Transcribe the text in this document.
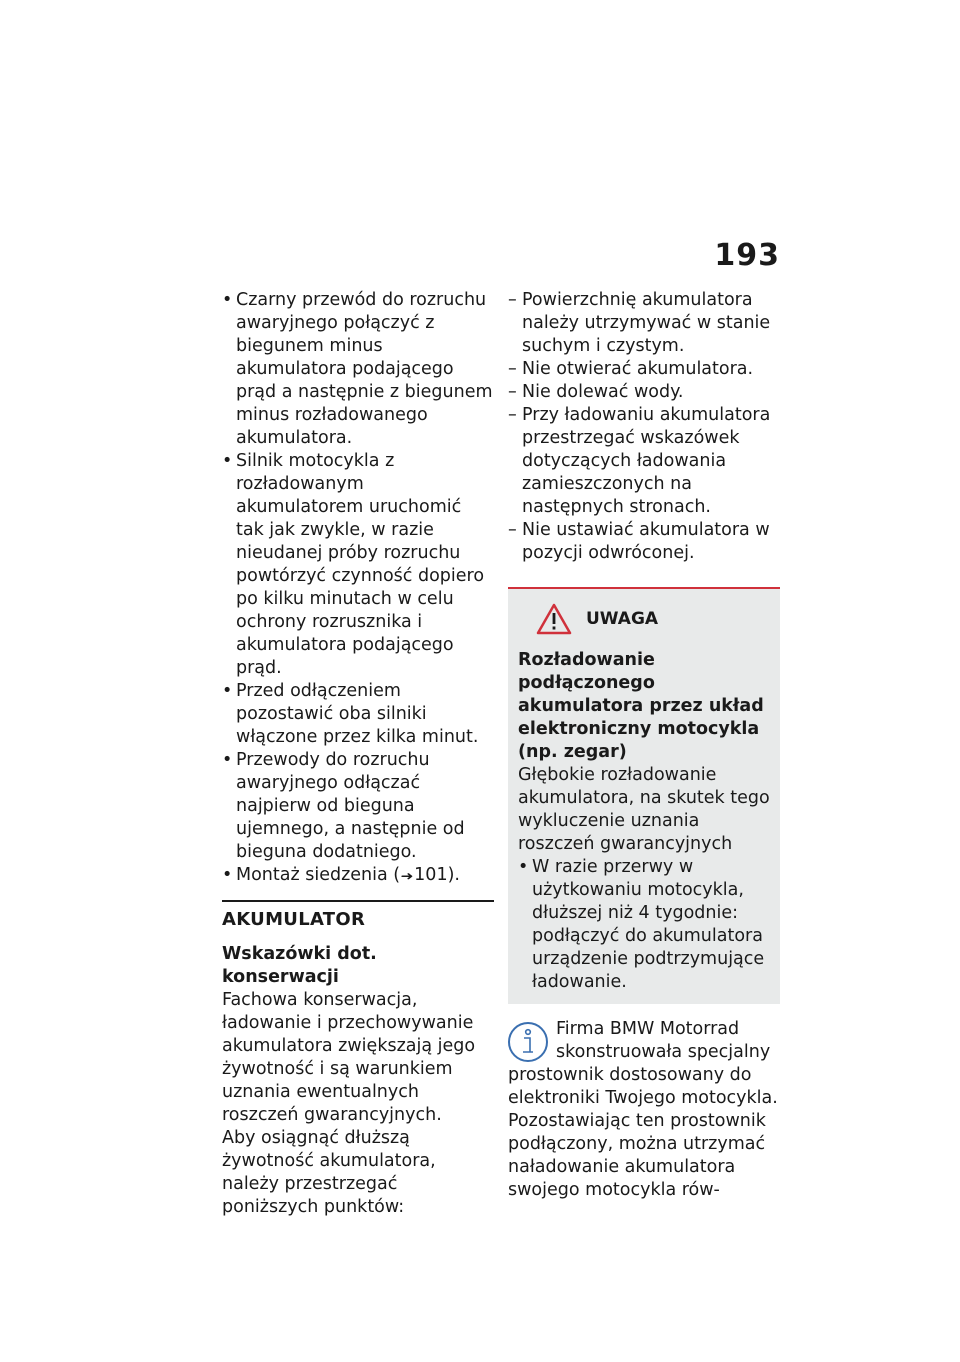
193
• Czarny przewód do rozruchu awaryjnego połączyć z biegunem minus akumulatora podającego prąd a następnie z biegunem minus rozładowanego akumulatora.
• Silnik motocykla z rozładowanym akumulatorem uruchomić tak jak zwykle, w razie nieudanej próby rozruchu powtórzyć czynność dopiero po kilku minutach w celu ochrony rozrusznika i akumulatora podającego prąd.
• Przed odłączeniem pozostawić oba silniki włączone przez kilka minut.
• Przewody do rozruchu awaryjnego odłączać najpierw od bieguna ujemnego, a następnie od bieguna dodatniego.
• Montaż siedzenia (➜101).
AKUMULATOR
Wskazówki dot. konserwacji

Fachowa konserwacja, ładowanie i przechowywanie akumulatora zwiększają jego żywotność i są warunkiem uznania ewentualnych roszczeń gwarancyjnych.

Aby osiągnąć dłuższą żywotność akumulatora, należy przestrzegać poniższych punktów:

– Powierzchnię akumulatora należy utrzymywać w stanie suchym i czystym.
– Nie otwierać akumulatora.
– Nie dolewać wody.
– Przy ładowaniu akumulatora przestrzegać wskazówek dotyczących ładowania zamieszczonych na następnych stronach.
– Nie ustawiać akumulatora w pozycji odwróconej.
UWAGA

Rozładowanie podłączonego akumulatora przez układ elektroniczny motocykla (np. zegar)

Głębokie rozładowanie akumulatora, na skutek tego wykluczenie uznania roszczeń gwarancyjnych

• W razie przerwy w użytkowaniu motocykla, dłuższej niż 4 tygodnie: podłączyć do akumulatora urządzenie podtrzymujące ładowanie.
Firma BMW Motorrad skonstruowała specjalny prostownik dostosowany do elektroniki Twojego motocykla. Pozostawiając ten prostownik podłączony, można utrzymać naładowanie akumulatora swojego motocykla rów-
